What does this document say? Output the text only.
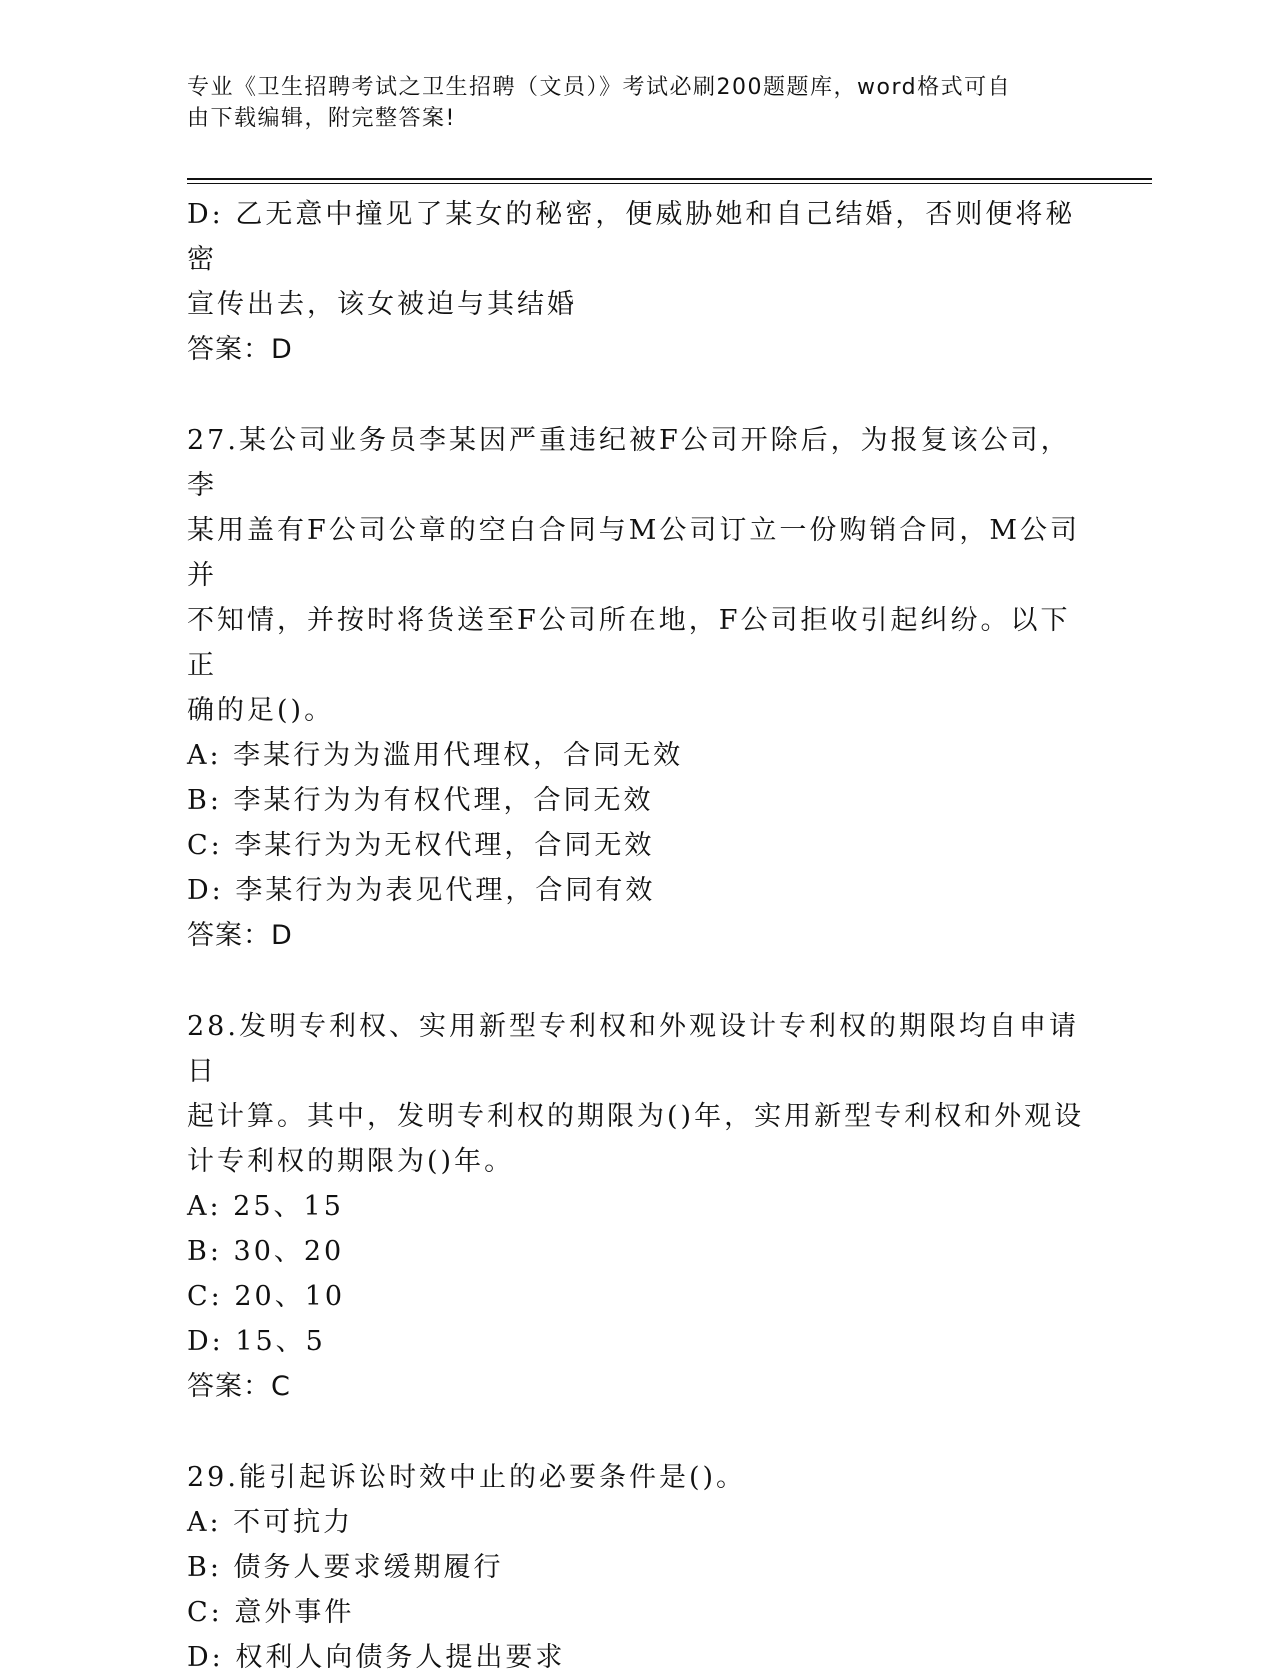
专业《卫生招聘考试之卫生招聘（文员）》考试必刷200题题库，word格式可自
由下载编辑，附完整答案!
D: 乙无意中撞见了某女的秘密，便威胁她和自己结婚，否则便将秘密
宣传出去，该女被迫与其结婚
答案：D
27.某公司业务员李某因严重违纪被F公司开除后，为报复该公司，李
某用盖有F公司公章的空白合同与M公司订立一份购销合同，M公司并
不知情，并按时将货送至F公司所在地，F公司拒收引起纠纷。以下正
确的足()。
A: 李某行为为滥用代理权，合同无效
B: 李某行为为有权代理，合同无效
C: 李某行为为无权代理，合同无效
D: 李某行为为表见代理，合同有效
答案：D
28.发明专利权、实用新型专利权和外观设计专利权的期限均自申请日
起计算。其中，发明专利权的期限为()年，实用新型专利权和外观设
计专利权的期限为()年。
A: 25、15
B: 30、20
C: 20、10
D: 15、5
答案：C
29.能引起诉讼时效中止的必要条件是()。
A: 不可抗力
B: 债务人要求缓期履行
C: 意外事件
D: 权利人向债务人提出要求
